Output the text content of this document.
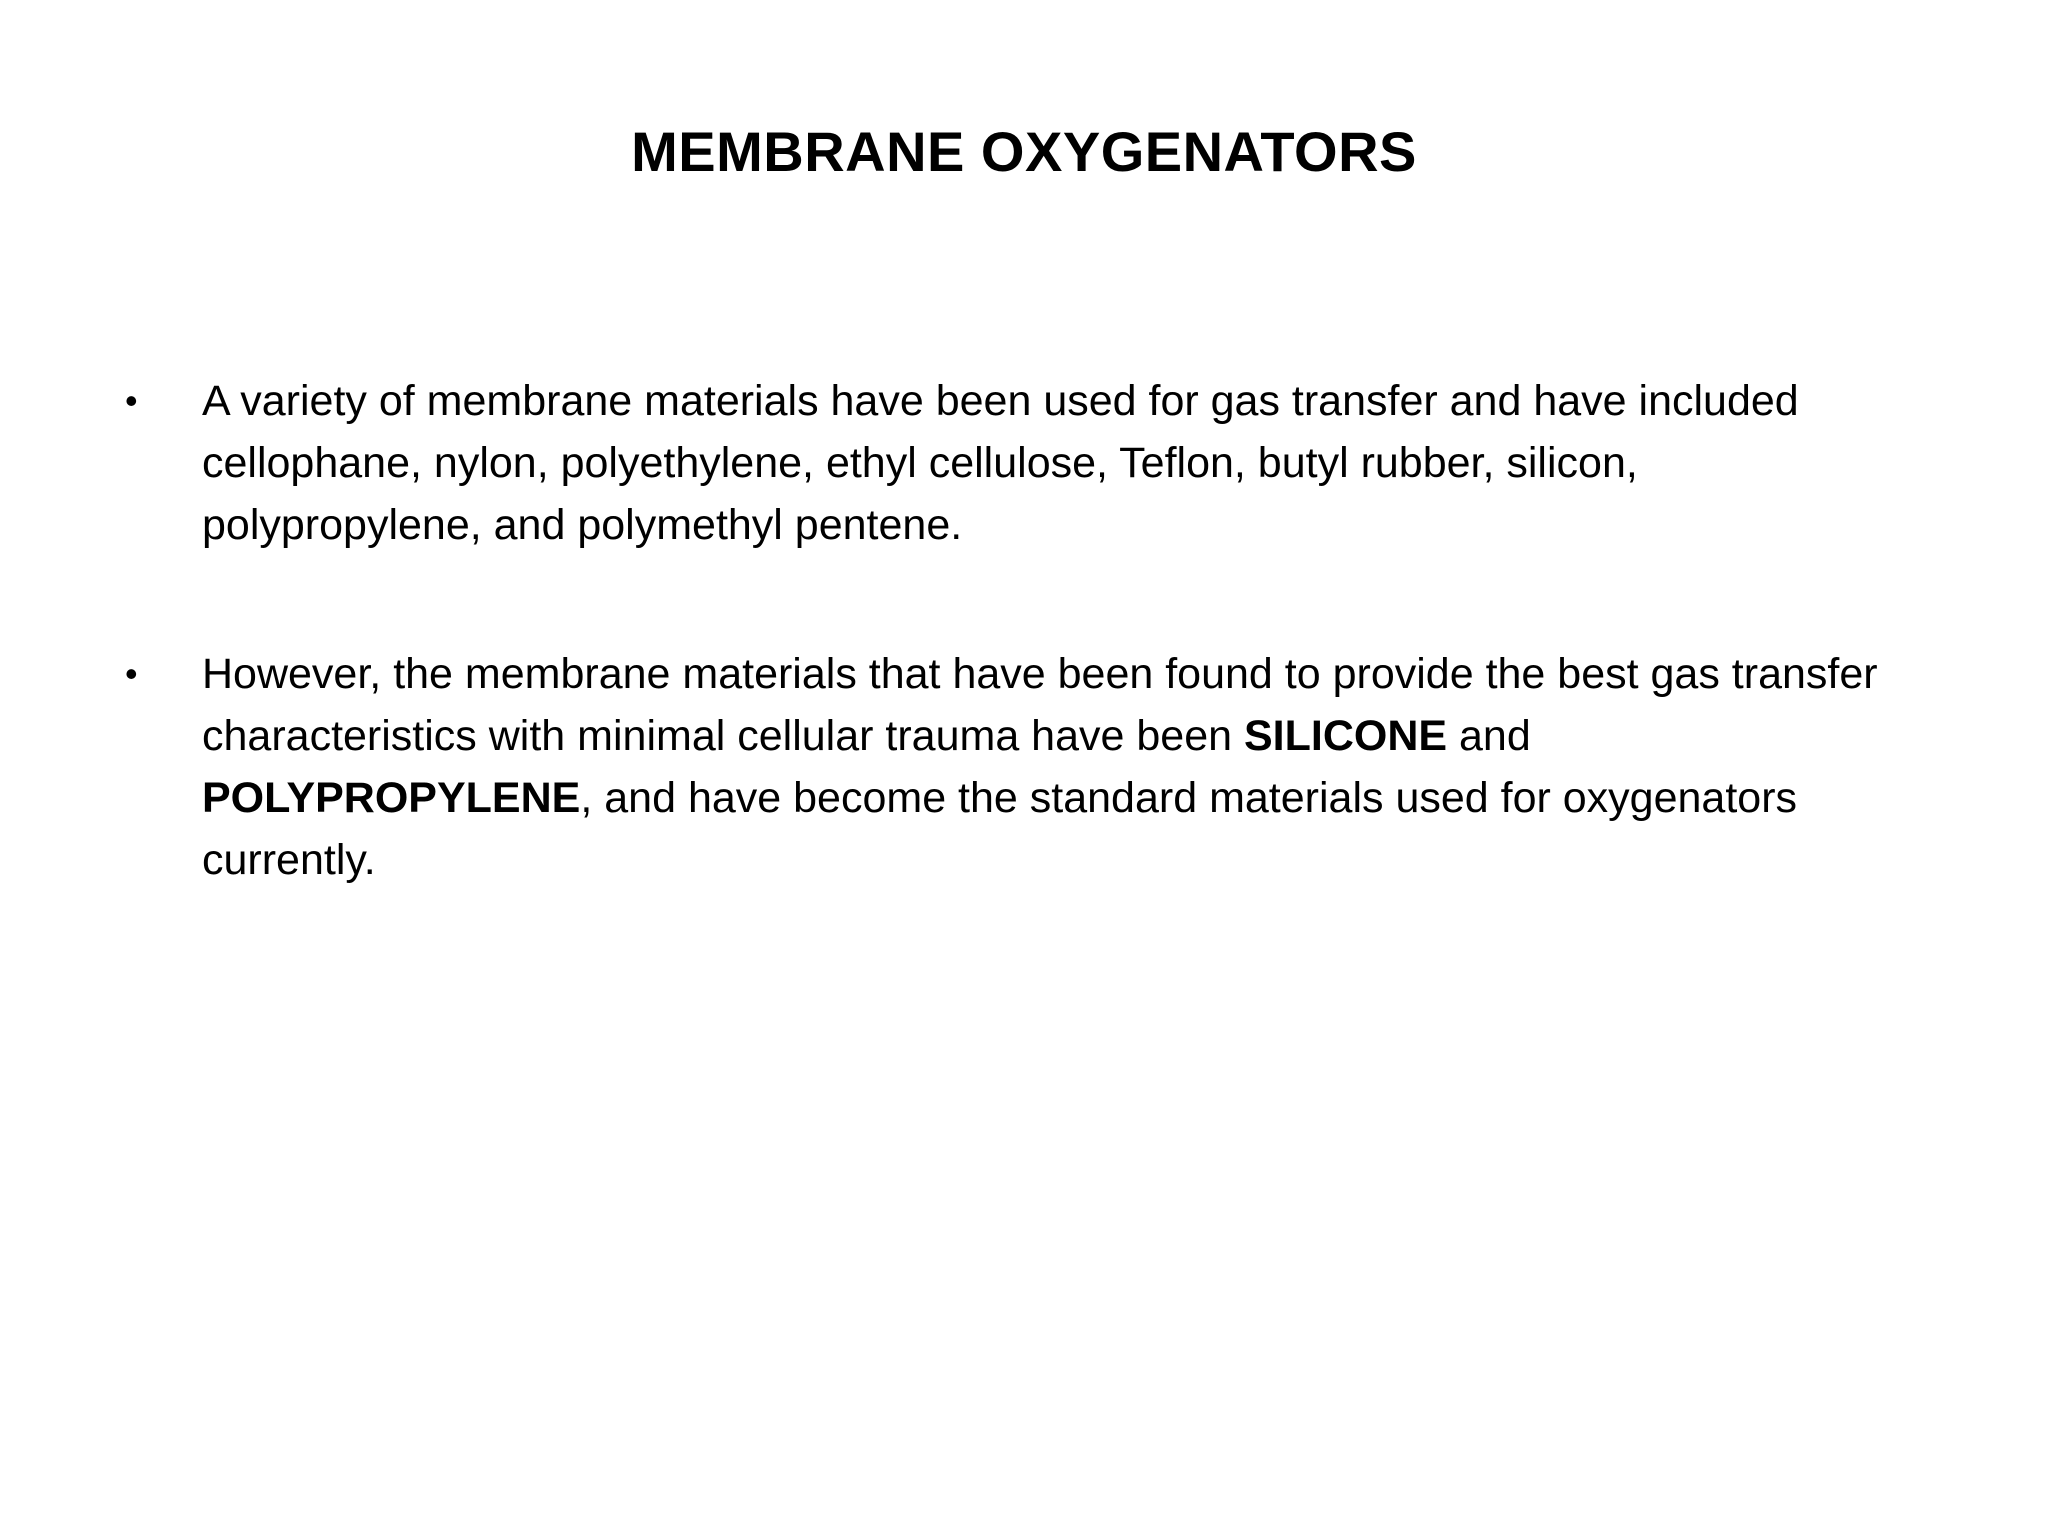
MEMBRANE OXYGENATORS
• A variety of membrane materials have been used for gas transfer and have included cellophane, nylon, polyethylene, ethyl cellulose, Teflon, butyl rubber, silicon, polypropylene, and polymethyl pentene.
• However, the membrane materials that have been found to provide the best gas transfer characteristics with minimal cellular trauma have been SILICONE and POLYPROPYLENE, and have become the standard materials used for oxygenators currently.
